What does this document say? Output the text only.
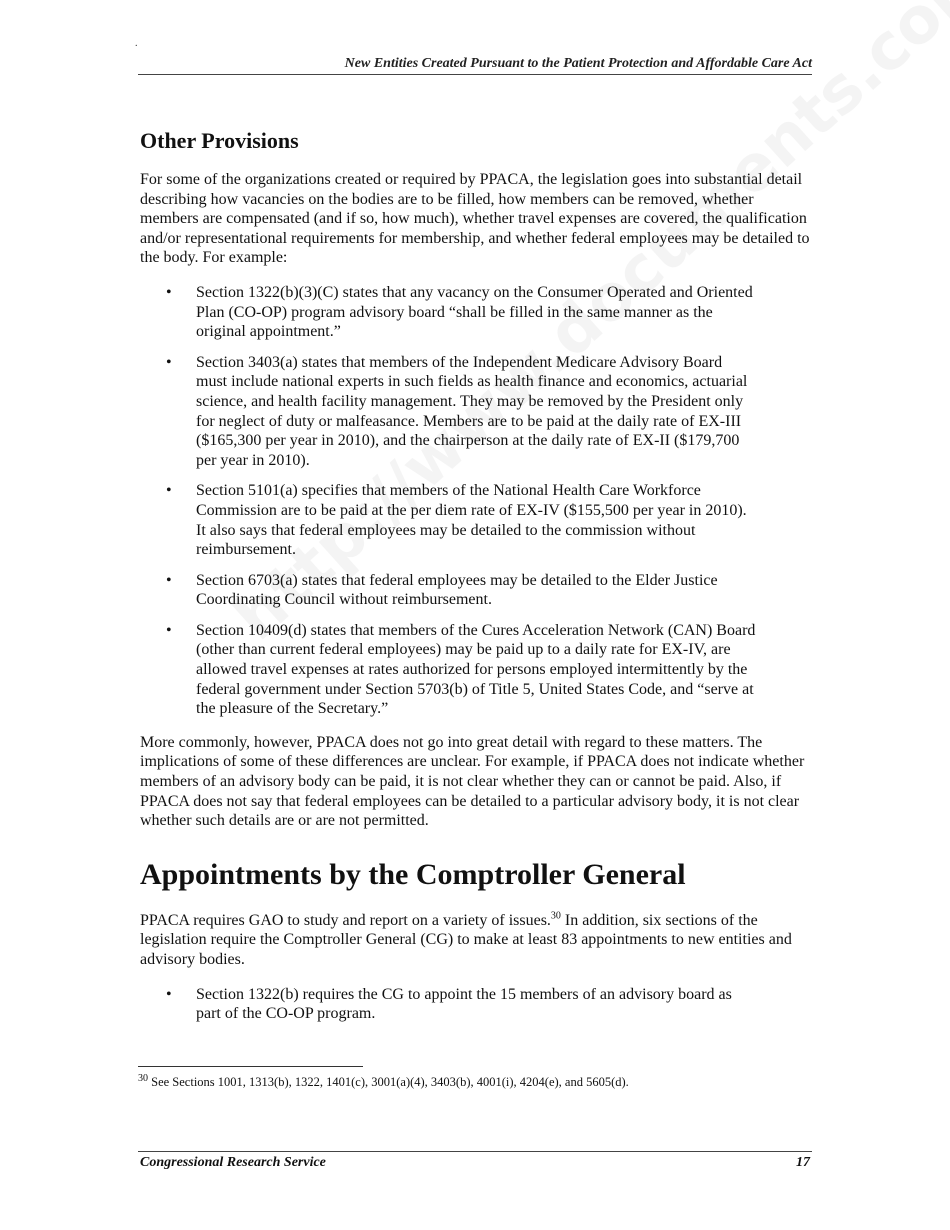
.
New Entities Created Pursuant to the Patient Protection and Affordable Care Act
Other Provisions

For some of the organizations created or required by PPACA, the legislation goes into substantial detail describing how vacancies on the bodies are to be filled, how members can be removed, whether members are compensated (and if so, how much), whether travel expenses are covered, the qualification and/or representational requirements for membership, and whether federal employees may be detailed to the body. For example:

• Section 1322(b)(3)(C) states that any vacancy on the Consumer Operated and Oriented Plan (CO-OP) program advisory board “shall be filled in the same manner as the original appointment.”
• Section 3403(a) states that members of the Independent Medicare Advisory Board must include national experts in such fields as health finance and economics, actuarial science, and health facility management. They may be removed by the President only for neglect of duty or malfeasance. Members are to be paid at the daily rate of EX-III ($165,300 per year in 2010), and the chairperson at the daily rate of EX-II ($179,700 per year in 2010).
• Section 5101(a) specifies that members of the National Health Care Workforce Commission are to be paid at the per diem rate of EX-IV ($155,500 per year in 2010). It also says that federal employees may be detailed to the commission without reimbursement.
• Section 6703(a) states that federal employees may be detailed to the Elder Justice Coordinating Council without reimbursement.
• Section 10409(d) states that members of the Cures Acceleration Network (CAN) Board (other than current federal employees) may be paid up to a daily rate for EX-IV, are allowed travel expenses at rates authorized for persons employed intermittently by the federal government under Section 5703(b) of Title 5, United States Code, and “serve at the pleasure of the Secretary.”

More commonly, however, PPACA does not go into great detail with regard to these matters. The implications of some of these differences are unclear. For example, if PPACA does not indicate whether members of an advisory body can be paid, it is not clear whether they can or cannot be paid. Also, if PPACA does not say that federal employees can be detailed to a particular advisory body, it is not clear whether such details are or are not permitted.

Appointments by the Comptroller General

PPACA requires GAO to study and report on a variety of issues.$^{30}$ In addition, six sections of the legislation require the Comptroller General (CG) to make at least 83 appointments to new entities and advisory bodies.

• Section 1322(b) requires the CG to appoint the 15 members of an advisory board as part of the CO-OP program.
$^{30}$ See Sections 1001, 1313(b), 1322, 1401(c), 3001(a)(4), 3403(b), 4001(i), 4204(e), and 5605(d).
Congressional Research Service	17
